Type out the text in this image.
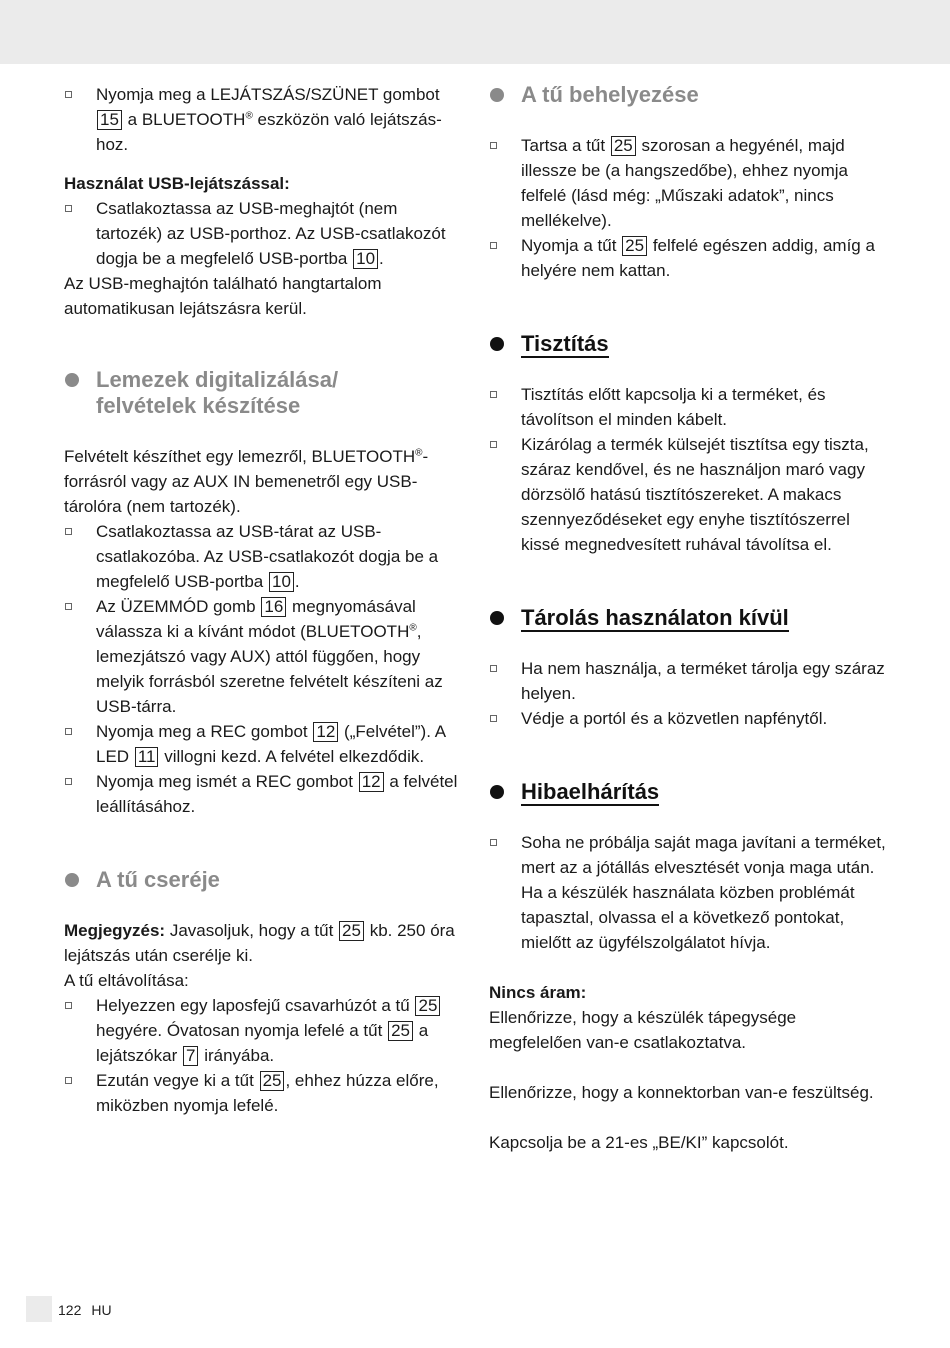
Nyomja meg a LEJÁTSZÁS/SZÜNET gombot 15 a BLUETOOTH® eszközön való lejátszás-hoz.

Használat USB-lejátszással:

Csatlakoztassa az USB-meghajtót (nem tartozék) az USB-porthoz. Az USB-csatlakozót dogja be a megfelelő USB-portba 10 .

Az USB-meghajtón található hangtartalom automatikusan lejátszásra kerül.

Lemezek digitalizálása/
felvételek készítése

Felvételt készíthet egy lemezről, BLUETOOTH®-forrásról vagy az AUX IN bemenetről egy USB-tárolóra (nem tartozék).

Csatlakoztassa az USB-tárat az USB-csatlakozóba. Az USB-csatlakozót dogja be a megfelelő USB-portba 10 .

Az ÜZEMMÓD gomb 16 megnyomásával válassza ki a kívánt módot (BLUETOOTH®, lemezjátszó vagy AUX) attól függően, hogy melyik forrásból szeretne felvételt készíteni az USB-tárra.

Nyomja meg a REC gombot 12 („Felvétel”). A LED 11 villogni kezd. A felvétel elkezdődik.

Nyomja meg ismét a REC gombot 12 a felvétel leállításához.

A tű cseréje

Megjegyzés: Javasoljuk, hogy a tűt 25 kb. 250 óra lejátszás után cserélje ki.

A tű eltávolítása:

Helyezzen egy laposfejű csavarhúzót a tű 25 hegyére. Óvatosan nyomja lefelé a tűt 25 a lejátszókar 7 irányába.

Ezután vegye ki a tűt 25 , ehhez húzza előre, miközben nyomja lefelé.

A tű behelyezése

Tartsa a tűt 25 szorosan a hegyénél, majd illessze be (a hangszedőbe), ehhez nyomja felfelé (lásd még: „Műszaki adatok”, nincs mellékelve).

Nyomja a tűt 25 felfelé egészen addig, amíg a helyére nem kattan.

Tisztítás

Tisztítás előtt kapcsolja ki a terméket, és távolítson el minden kábelt.

Kizárólag a termék külsejét tisztítsa egy tiszta, száraz kendővel, és ne használjon maró vagy dörzsölő hatású tisztítószereket. A makacs szennyeződéseket egy enyhe tisztítószerrel kissé megnedvesített ruhával távolítsa el.

Tárolás használaton kívül

Ha nem használja, a terméket tárolja egy száraz helyen.

Védje a portól és a közvetlen napfénytől.

Hibaelhárítás

Soha ne próbálja saját maga javítani a terméket, mert az a jótállás elvesztését vonja maga után. Ha a készülék használata közben problémát tapasztal, olvassa el a következő pontokat, mielőtt az ügyfélszolgálatot hívja.

Nincs áram:

Ellenőrizze, hogy a készülék tápegysége megfelelően van-e csatlakoztatva.

Ellenőrizze, hogy a konnektorban van-e feszültség.

Kapcsolja be a 21-es „BE/KI” kapcsolót.

122 HU
